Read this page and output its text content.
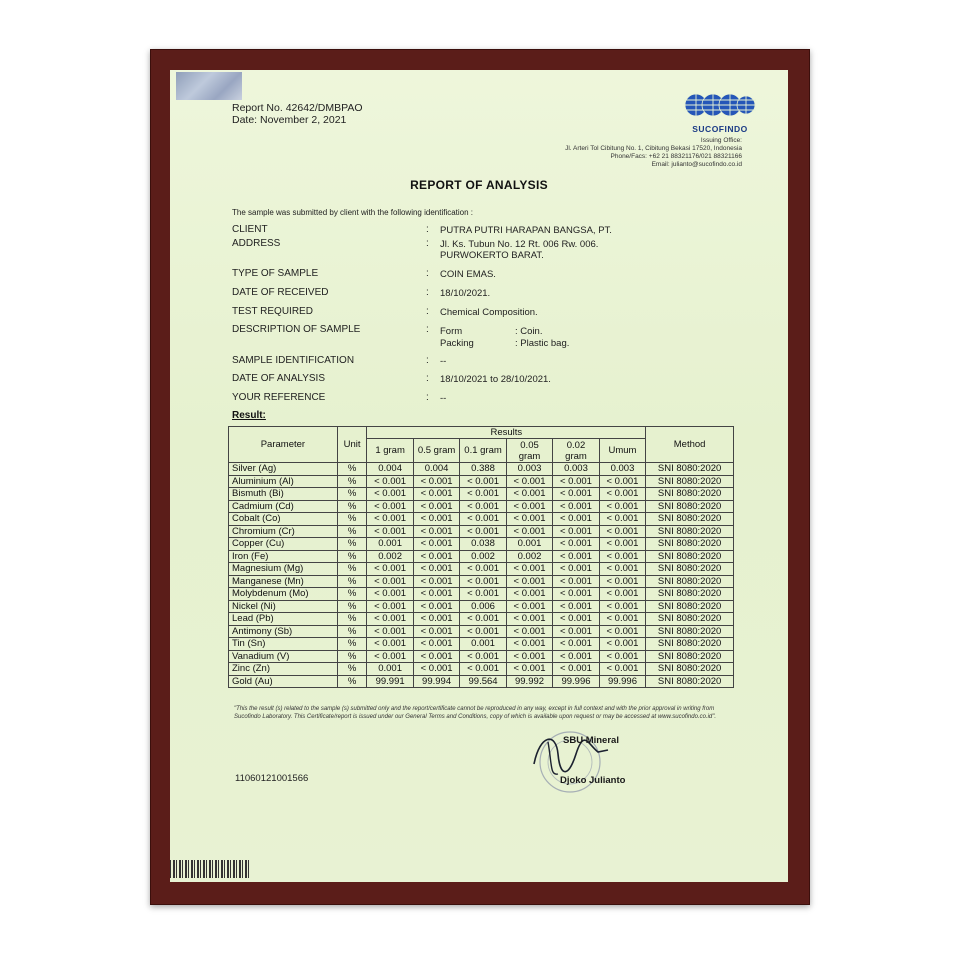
Report No. 42642/DMBPAO
Date: November 2, 2021
SUCOFINDO
Issuing Office:
Jl. Arteri Tol Cibitung No. 1, Cibitung Bekasi 17520, Indonesia
Phone/Facs: +62 21 88321176/021 88321166
Email: julianto@sucofindo.co.id
REPORT OF ANALYSIS
The sample was submitted by client with the following identification :
CLIENT	: PUTRA PUTRI HARAPAN BANGSA, PT.
ADDRESS	: Jl. Ks. Tubun No. 12 Rt. 006 Rw. 006.
PURWOKERTO BARAT.
TYPE OF SAMPLE	: COIN EMAS.
DATE OF RECEIVED	: 18/10/2021.
TEST REQUIRED	: Chemical Composition.
DESCRIPTION OF SAMPLE	: Form	: Coin.
Packing	: Plastic bag.
SAMPLE IDENTIFICATION	: --
DATE OF ANALYSIS	: 18/10/2021 to 28/10/2021.
YOUR REFERENCE	: --
Result:
Parameter	Unit	Results						Method
		1 gram	0.5 gram	0.1 gram	0.05 gram	0.02 gram	Umum	
Silver (Ag)	%	0.004	0.004	0.388	0.003	0.003	0.003	SNI 8080:2020
Aluminium (Al)	%	< 0.001	< 0.001	< 0.001	< 0.001	< 0.001	< 0.001	SNI 8080:2020
Bismuth (Bi)	%	< 0.001	< 0.001	< 0.001	< 0.001	< 0.001	< 0.001	SNI 8080:2020
Cadmium (Cd)	%	< 0.001	< 0.001	< 0.001	< 0.001	< 0.001	< 0.001	SNI 8080:2020
Cobalt (Co)	%	< 0.001	< 0.001	< 0.001	< 0.001	< 0.001	< 0.001	SNI 8080:2020
Chromium (Cr)	%	< 0.001	< 0.001	< 0.001	< 0.001	< 0.001	< 0.001	SNI 8080:2020
Copper (Cu)	%	0.001	< 0.001	0.038	0.001	< 0.001	< 0.001	SNI 8080:2020
Iron (Fe)	%	0.002	< 0.001	0.002	0.002	< 0.001	< 0.001	SNI 8080:2020
Magnesium (Mg)	%	< 0.001	< 0.001	< 0.001	< 0.001	< 0.001	< 0.001	SNI 8080:2020
Manganese (Mn)	%	< 0.001	< 0.001	< 0.001	< 0.001	< 0.001	< 0.001	SNI 8080:2020
Molybdenum (Mo)	%	< 0.001	< 0.001	< 0.001	< 0.001	< 0.001	< 0.001	SNI 8080:2020
Nickel (Ni)	%	< 0.001	< 0.001	0.006	< 0.001	< 0.001	< 0.001	SNI 8080:2020
Lead (Pb)	%	< 0.001	< 0.001	< 0.001	< 0.001	< 0.001	< 0.001	SNI 8080:2020
Antimony (Sb)	%	< 0.001	< 0.001	< 0.001	< 0.001	< 0.001	< 0.001	SNI 8080:2020
Tin (Sn)	%	< 0.001	< 0.001	0.001	< 0.001	< 0.001	< 0.001	SNI 8080:2020
Vanadium (V)	%	< 0.001	< 0.001	< 0.001	< 0.001	< 0.001	< 0.001	SNI 8080:2020
Zinc (Zn)	%	0.001	< 0.001	< 0.001	< 0.001	< 0.001	< 0.001	SNI 8080:2020
Gold (Au)	%	99.991	99.994	99.564	99.992	99.996	99.996	SNI 8080:2020
"This the result (s) related to the sample (s) submitted only and the report/certificate cannot be reproduced in any way, except in full context and with the prior approval in writing from Sucofindo Laboratory. This Certificate/report is issued under our General Terms and Conditions, copy of which is available upon request or may be accessed at www.sucofindo.co.id".
11060121001566
SBU Mineral
Djoko Julianto
